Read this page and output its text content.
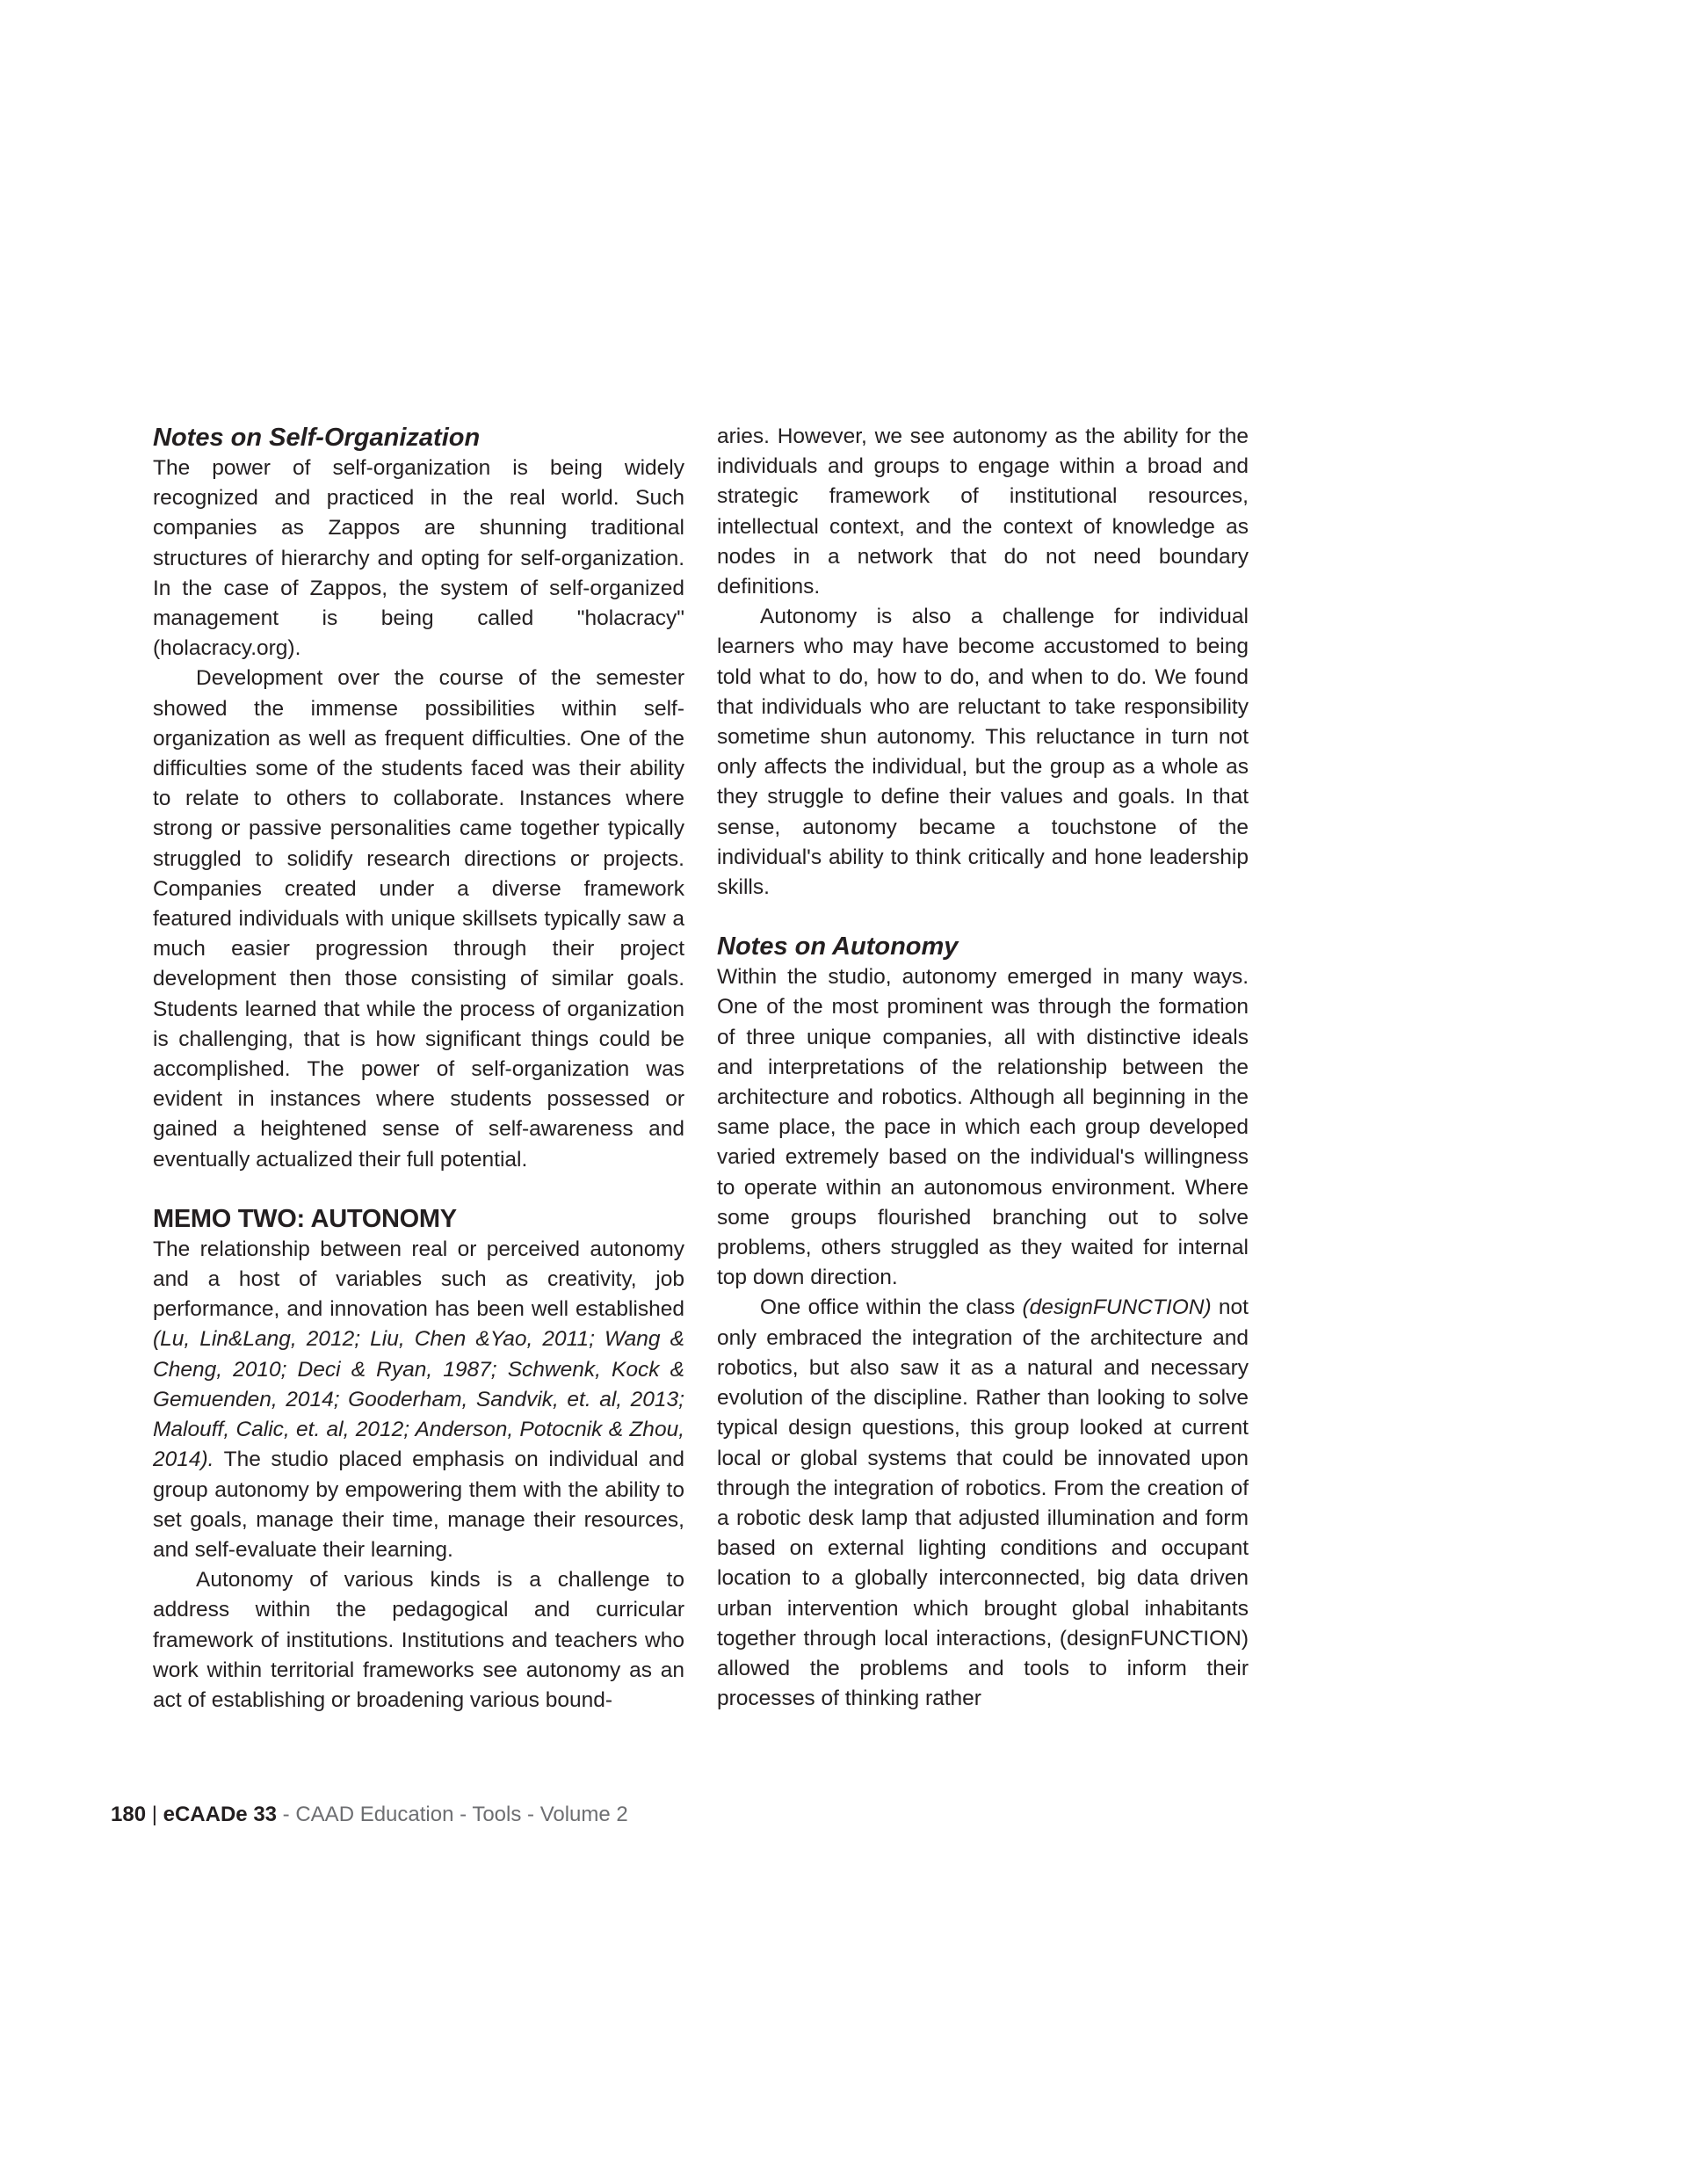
Notes on Self-Organization

The power of self-organization is being widely recognized and practiced in the real world. Such companies as Zappos are shunning traditional structures of hierarchy and opting for self-organization. In the case of Zappos, the system of self-organized management is being called "holacracy" (holacracy.org).

Development over the course of the semester showed the immense possibilities within self-organization as well as frequent difficulties. One of the difficulties some of the students faced was their ability to relate to others to collaborate. Instances where strong or passive personalities came together typically struggled to solidify research directions or projects. Companies created under a diverse framework featured individuals with unique skillsets typically saw a much easier progression through their project development then those consisting of similar goals. Students learned that while the process of organization is challenging, that is how significant things could be accomplished. The power of self-organization was evident in instances where students possessed or gained a heightened sense of self-awareness and eventually actualized their full potential.

MEMO TWO: AUTONOMY

The relationship between real or perceived autonomy and a host of variables such as creativity, job performance, and innovation has been well established (Lu, Lin&Lang, 2012; Liu, Chen &Yao, 2011; Wang & Cheng, 2010; Deci & Ryan, 1987; Schwenk, Kock & Gemuenden, 2014; Gooderham, Sandvik, et. al, 2013; Malouff, Calic, et. al, 2012; Anderson, Potocnik & Zhou, 2014). The studio placed emphasis on individual and group autonomy by empowering them with the ability to set goals, manage their time, manage their resources, and self-evaluate their learning.

Autonomy of various kinds is a challenge to address within the pedagogical and curricular framework of institutions. Institutions and teachers who work within territorial frameworks see autonomy as an act of establishing or broadening various bound-

aries. However, we see autonomy as the ability for the individuals and groups to engage within a broad and strategic framework of institutional resources, intellectual context, and the context of knowledge as nodes in a network that do not need boundary definitions.

Autonomy is also a challenge for individual learners who may have become accustomed to being told what to do, how to do, and when to do. We found that individuals who are reluctant to take responsibility sometime shun autonomy. This reluctance in turn not only affects the individual, but the group as a whole as they struggle to define their values and goals. In that sense, autonomy became a touchstone of the individual's ability to think critically and hone leadership skills.

Notes on Autonomy

Within the studio, autonomy emerged in many ways. One of the most prominent was through the formation of three unique companies, all with distinctive ideals and interpretations of the relationship between the architecture and robotics. Although all beginning in the same place, the pace in which each group developed varied extremely based on the individual's willingness to operate within an autonomous environment. Where some groups flourished branching out to solve problems, others struggled as they waited for internal top down direction.

One office within the class (designFUNCTION) not only embraced the integration of the architecture and robotics, but also saw it as a natural and necessary evolution of the discipline. Rather than looking to solve typical design questions, this group looked at current local or global systems that could be innovated upon through the integration of robotics. From the creation of a robotic desk lamp that adjusted illumination and form based on external lighting conditions and occupant location to a globally interconnected, big data driven urban intervention which brought global inhabitants together through local interactions, (designFUNCTION) allowed the problems and tools to inform their processes of thinking rather

180 | eCAADe 33 - CAAD Education - Tools - Volume 2
